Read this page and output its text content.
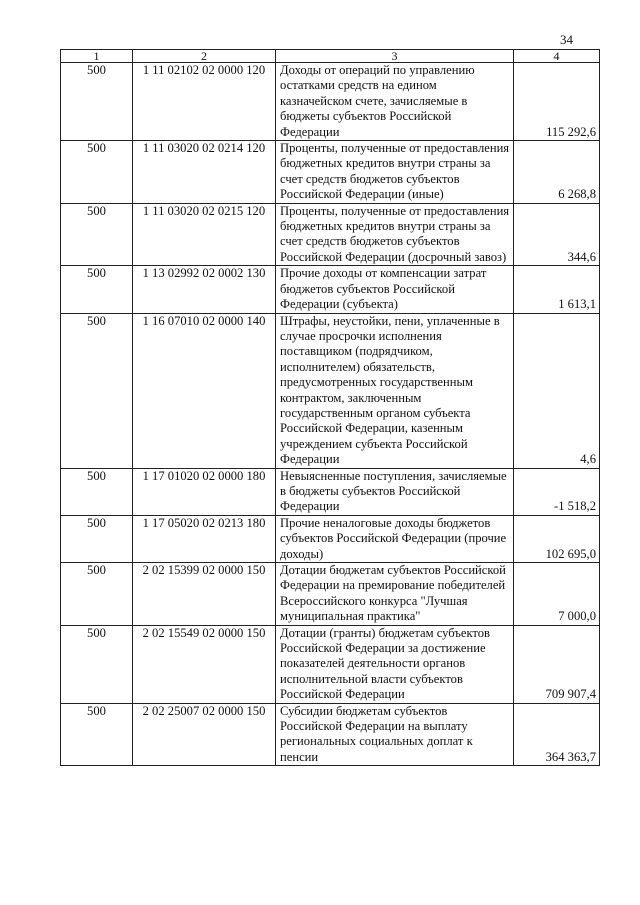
34
1	2	3	4
500	1 11 02102 02 0000 120	Доходы от операций по управлению остатками средств на едином казначейском счете, зачисляемые в бюджеты субъектов Российской Федерации	115 292,6
500	1 11 03020 02 0214 120	Проценты, полученные от предоставления бюджетных кредитов внутри страны за счет средств бюджетов субъектов Российской Федерации (иные)	6 268,8
500	1 11 03020 02 0215 120	Проценты, полученные от предоставления бюджетных кредитов внутри страны за счет средств бюджетов субъектов Российской Федерации (досрочный завоз)	344,6
500	1 13 02992 02 0002 130	Прочие доходы от компенсации затрат бюджетов субъектов Российской Федерации (субъекта)	1 613,1
500	1 16 07010 02 0000 140	Штрафы, неустойки, пени, уплаченные в случае просрочки исполнения поставщиком (подрядчиком, исполнителем) обязательств, предусмотренных государственным контрактом, заключенным государственным органом субъекта Российской Федерации, казенным учреждением субъекта Российской Федерации	4,6
500	1 17 01020 02 0000 180	Невыясненные поступления, зачисляемые в бюджеты субъектов Российской Федерации	-1 518,2
500	1 17 05020 02 0213 180	Прочие неналоговые доходы бюджетов субъектов Российской Федерации (прочие доходы)	102 695,0
500	2 02 15399 02 0000 150	Дотации бюджетам субъектов Российской Федерации на премирование победителей Всероссийского конкурса "Лучшая муниципальная практика"	7 000,0
500	2 02 15549 02 0000 150	Дотации (гранты) бюджетам субъектов Российской Федерации за достижение показателей деятельности органов исполнительной власти субъектов Российской Федерации	709 907,4
500	2 02 25007 02 0000 150	Субсидии бюджетам субъектов Российской Федерации на выплату региональных социальных доплат к пенсии	364 363,7
